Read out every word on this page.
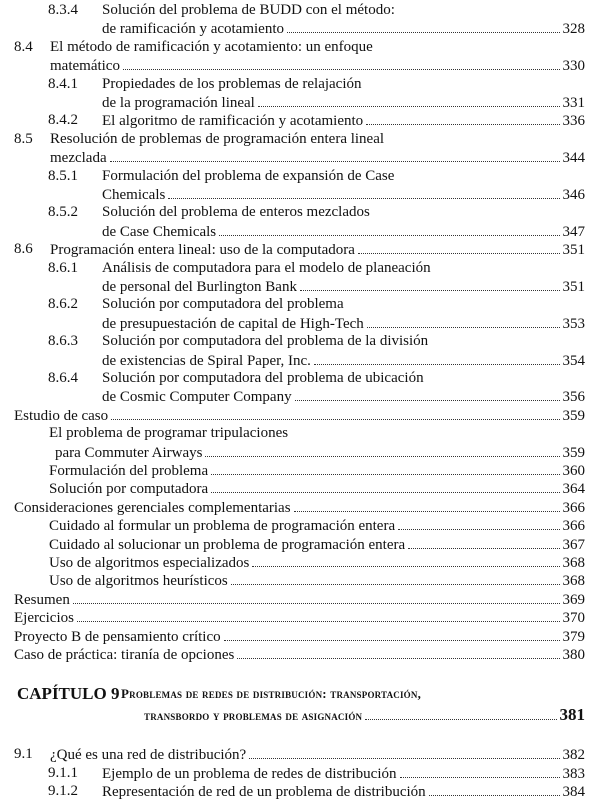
8.3.4 Solución del problema de BUDD con el método:
de ramificación y acotamiento	328
8.4 El método de ramificación y acotamiento: un enfoque
matemático	330
8.4.1 Propiedades de los problemas de relajación
de la programación lineal	331
8.4.2 El algoritmo de ramificación y acotamiento	336
8.5 Resolución de problemas de programación entera lineal
mezclada	344
8.5.1 Formulación del problema de expansión de Case
Chemicals	346
8.5.2 Solución del problema de enteros mezclados
de Case Chemicals	347
8.6 Programación entera lineal: uso de la computadora	351
8.6.1 Análisis de computadora para el modelo de planeación
de personal del Burlington Bank	351
8.6.2 Solución por computadora del problema
de presupuestación de capital de High-Tech	353
8.6.3 Solución por computadora del problema de la división
de existencias de Spiral Paper, Inc.	354
8.6.4 Solución por computadora del problema de ubicación
de Cosmic Computer Company	356
Estudio de caso	359
El problema de programar tripulaciones
para Commuter Airways	359
Formulación del problema	360
Solución por computadora	364
Consideraciones gerenciales complementarias	366
Cuidado al formular un problema de programación entera	366
Cuidado al solucionar un problema de programación entera	367
Uso de algoritmos especializados	368
Uso de algoritmos heurísticos	368
Resumen	369
Ejercicios	370
Proyecto B de pensamiento crítico	379
Caso de práctica: tiranía de opciones	380
CAPÍTULO 9 Problemas de redes de distribución: transportación,
transbordo y problemas de asignación	381
9.1 ¿Qué es una red de distribución?	382
9.1.1 Ejemplo de un problema de redes de distribución	383
9.1.2 Representación de red de un problema de distribución	384
